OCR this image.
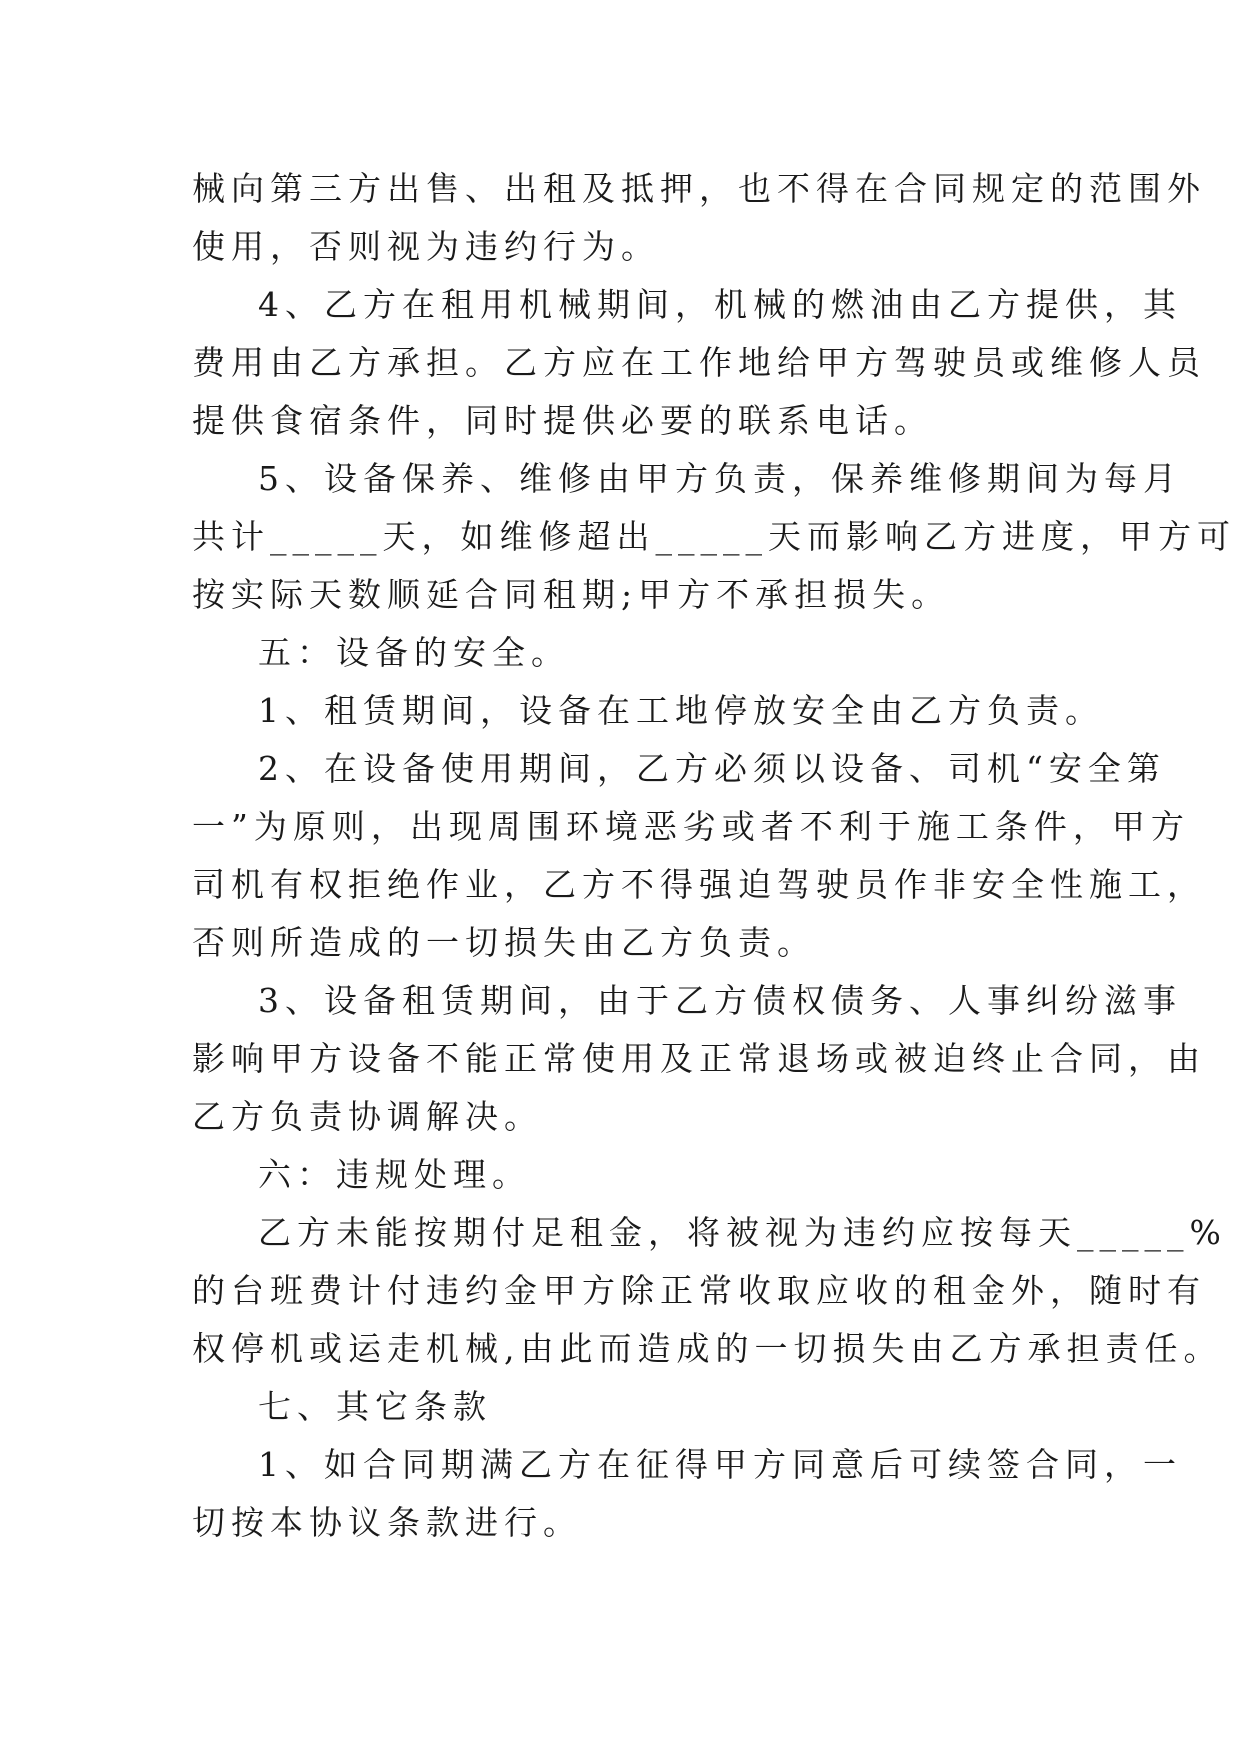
械向第三方出售、出租及抵押，也不得在合同规定的范围外
使用，否则视为违约行为。
4、乙方在租用机械期间，机械的燃油由乙方提供，其
费用由乙方承担。乙方应在工作地给甲方驾驶员或维修人员
提供食宿条件，同时提供必要的联系电话。
5、设备保养、维修由甲方负责，保养维修期间为每月
共计_____天，如维修超出_____天而影响乙方进度，甲方可
按实际天数顺延合同租期;甲方不承担损失。
五：设备的安全。
1、租赁期间，设备在工地停放安全由乙方负责。
2、在设备使用期间，乙方必须以设备、司机“安全第
一”为原则，出现周围环境恶劣或者不利于施工条件，甲方
司机有权拒绝作业，乙方不得强迫驾驶员作非安全性施工，
否则所造成的一切损失由乙方负责。
3、设备租赁期间，由于乙方债权债务、人事纠纷滋事
影响甲方设备不能正常使用及正常退场或被迫终止合同，由
乙方负责协调解决。
六：违规处理。
乙方未能按期付足租金，将被视为违约应按每天_____%
的台班费计付违约金甲方除正常收取应收的租金外，随时有
权停机或运走机械,由此而造成的一切损失由乙方承担责任。
七、其它条款
1、如合同期满乙方在征得甲方同意后可续签合同，一
切按本协议条款进行。
